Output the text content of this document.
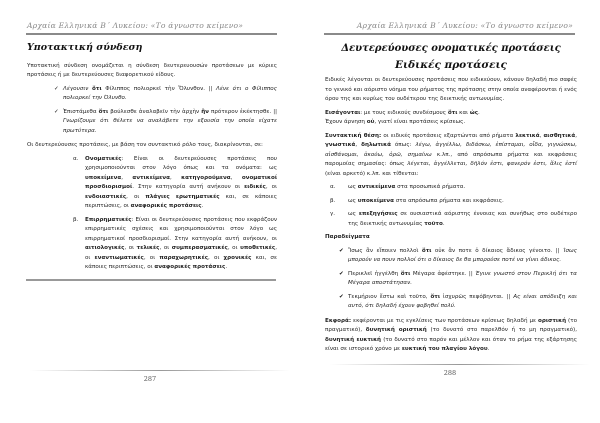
Αρχαία Ελληνικά Β΄ Λυκείου: «Το άγνωστο κείμενο»
Υποτακτική σύνδεση

Υποτακτική σύνδεση ονομάζεται η σύνδεση δευτερευουσών προτάσεων με κύριες προτάσεις ή με δευτερεύουσες διαφορετικού είδους.

✓ Λέγουσιν ὅτι Φίλιππος πολιορκεῖ τὴν Ὄλυνθον. || Λένε ότι ο Φίλιππος πολιορκεί την Όλυνθο.
✓ Ἐπιστάμεθα ὅτι βούλεσθε ἀναλαβεῖν τὴν ἀρχὴν ἣν πρότερον ἐκέκτησθε. || Γνωρίζουμε ότι θέλετε να αναλάβετε την εξουσία την οποία είχατε πρωτύτερα.

Οι δευτερεύουσες προτάσεις, με βάση τον συντακτικό ρόλο τους, διακρίνονται, σε:

α. Ονοματικές: Είναι οι δευτερεύουσες προτάσεις που χρησιμοποιούνται στον λόγο όπως και τα ονόματα: ως υποκείμενα, αντικείμενα, κατηγορούμενα, ονοματικοί προσδιορισμοί. Στην κατηγορία αυτή ανήκουν οι ειδικές, οι ενδοιαστικές, οι πλάγιες ερωτηματικές και, σε κάποιες περιπτώσεις, οι αναφορικές προτάσεις.
β. Επιρρηματικές: Είναι οι δευτερεύουσες προτάσεις που εκφράζουν επιρρηματικές σχέσεις και χρησιμοποιούνται στον λόγο ως επιρρηματικοί προσδιορισμοί. Στην κατηγορία αυτή ανήκουν, οι αιτιολογικές, οι τελικές, οι συμπερασματικές, οι υποθετικές, οι εναντιωματικές, οι παραχωρητικές, οι χρονικές και, σε κάποιες περιπτώσεις, οι αναφορικές προτάσεις.
287
Αρχαία Ελληνικά Β΄ Λυκείου: «Το άγνωστο κείμενο»
Δευτερεύουσες ονοματικές προτάσεις
Ειδικές προτάσεις

Ειδικές λέγονται οι δευτερεύουσες προτάσεις που ειδικεύουν, κάνουν δηλαδή πιο σαφές το γενικό και αόριστο νόημα του ρήματος της πρότασης στην οποία αναφέρονται ή ενός όρου της και κυρίως του ουδέτερου της δεικτικής αντωνυμίας.

Εισάγονται: με τους ειδικούς συνδέσμους ὅτι και ὡς.

Έχουν άρνηση οὐ, γιατί είναι προτάσεις κρίσεως.

Συντακτική θέση: οι ειδικές προτάσεις εξαρτώνται από ρήματα λεκτικά, αισθητικά, γνωστικά, δηλωτικά όπως: λέγω, ἀγγέλλω, διδάσκω, ἐπίσταμαι, οἶδα, γιγνώσκω, αἰσθάνομαι, ἀκούω, ὁρῶ, σημαίνω κ.λπ., από απρόσωπα ρήματα και εκφράσεις παρομοίας σημασίας: όπως λέγεται, ἀγγέλλεται, δῆλόν ἐστι, φανερόν ἐστι, ἅλις ἐστί (είναι αρκετό) κ.λπ. και τίθενται:

α. ως αντικείμενα στα προσωπικά ρήματα.
β. ως υποκείμενα στα απρόσωπα ρήματα και εκφράσεις.
γ. ως επεξηγήσεις σε ουσιαστικά αόριστης έννοιας και συνήθως στο ουδέτερο της δεικτικής αντωνυμίας τοῦτο.

Παραδείγματα

✔ Ἴσως ἂν εἴποιεν πολλοὶ ὅτι οὐκ ἂν ποτε ὁ δίκαιος ἄδικος γένοιτο. || Ίσως μπορούν να πουν πολλοί ότι ο δίκαιος δε θα μπορούσε ποτέ να γίνει άδικος.
✔ Περικλεῖ ἠγγέλθη ὅτι Μέγαρα ἀφέστηκε. || Έγινε γνωστό στον Περικλή ότι τα Μέγαρα αποστάτησαν.
✔ Τεκμήριον ἔστω καὶ τοῦτο, ὅτι ἰσχυρῶς πεφόβηνται. || Ας είναι απόδειξη και αυτό, ότι δηλαδή έχουν φοβηθεί πολύ.

Εκφορά: εκφέρονται με τις εγκλίσεις των προτάσεων κρίσεως δηλαδή με οριστική (το πραγματικό), δυνητική οριστική (το δυνατό στο παρελθόν ή το μη πραγματικό), δυνητική ευκτική (το δυνατό στο παρόν και μέλλον και όταν το ρήμα της εξάρτησης είναι σε ιστορικό χρόνο με ευκτική του πλαγίου λόγου.

288
